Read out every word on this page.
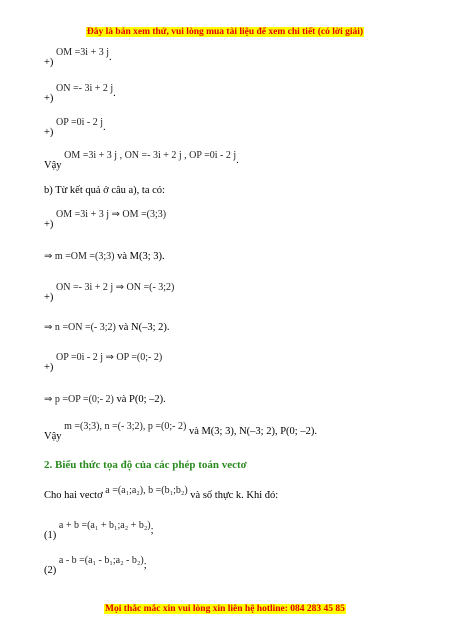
Đây là bản xem thử, vui lòng mua tài liệu để xem chi tiết (có lời giải)
+) OM =3i + 3 j.
+) ON =- 3i + 2 j.
+) OP =0i - 2 j.
Vậy OM =3i + 3 j , ON =- 3i + 2 j , OP =0i - 2 j.
b) Từ kết quả ở câu a), ta có:
+) OM =3i + 3 j ⇒ OM =(3;3)
⇒ m =OM =(3;3) và M(3; 3).
+) ON =- 3i + 2 j ⇒ ON =(- 3;2)
⇒ n =ON =(- 3;2) và N(–3; 2).
+) OP =0i - 2 j ⇒ OP =(0;- 2)
⇒ p =OP =(0;- 2) và P(0; –2).
Vậy m =(3;3), n =(- 3;2), p =(0;- 2) và M(3; 3), N(–3; 2), P(0; –2).
2. Biểu thức tọa độ của các phép toán vectơ
Cho hai vectơ a =(a₁;a₂), b =(b₁;b₂) và số thực k. Khi đó:
(1) a + b =(a₁ + b₁;a₂ + b₂);
(2) a - b =(a₁ - b₁;a₂ - b₂);
Mọi thắc mắc xin vui lòng xin liên hệ hotline: 084 283 45 85
